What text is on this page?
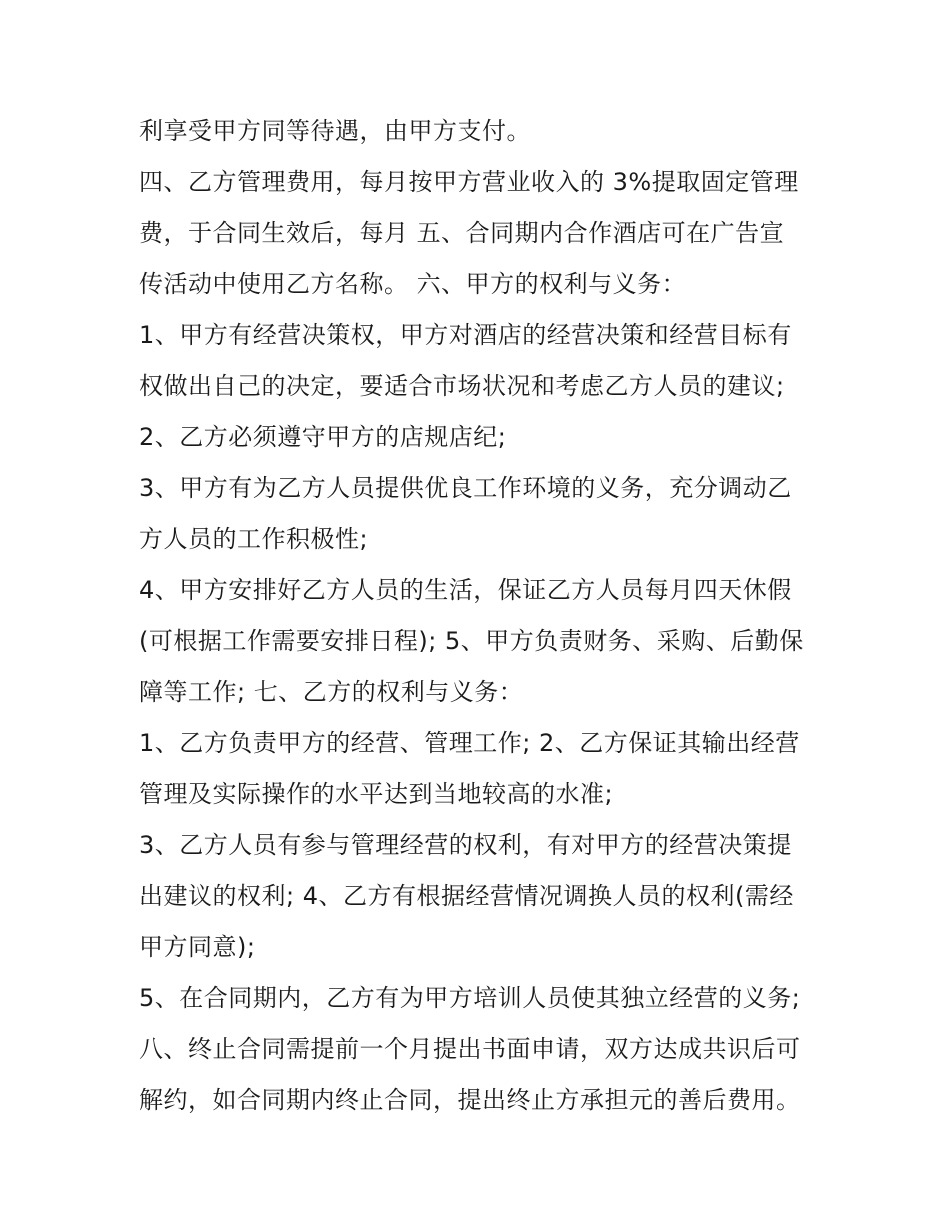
利享受甲方同等待遇，由甲方支付。
四、乙方管理费用，每月按甲方营业收入的 3%提取固定管理
费，于合同生效后，每月 五、合同期内合作酒店可在广告宣
传活动中使用乙方名称。 六、甲方的权利与义务：
1、甲方有经营决策权，甲方对酒店的经营决策和经营目标有
权做出自己的决定，要适合市场状况和考虑乙方人员的建议;
2、乙方必须遵守甲方的店规店纪;
3、甲方有为乙方人员提供优良工作环境的义务，充分调动乙
方人员的工作积极性;
4、甲方安排好乙方人员的生活，保证乙方人员每月四天休假
(可根据工作需要安排日程); 5、甲方负责财务、采购、后勤保
障等工作; 七、乙方的权利与义务：
1、乙方负责甲方的经营、管理工作; 2、乙方保证其输出经营
管理及实际操作的水平达到当地较高的水准;
3、乙方人员有参与管理经营的权利，有对甲方的经营决策提
出建议的权利; 4、乙方有根据经营情况调换人员的权利(需经
甲方同意);
5、在合同期内，乙方有为甲方培训人员使其独立经营的义务;
八、终止合同需提前一个月提出书面申请，双方达成共识后可
解约，如合同期内终止合同，提出终止方承担元的善后费用。
